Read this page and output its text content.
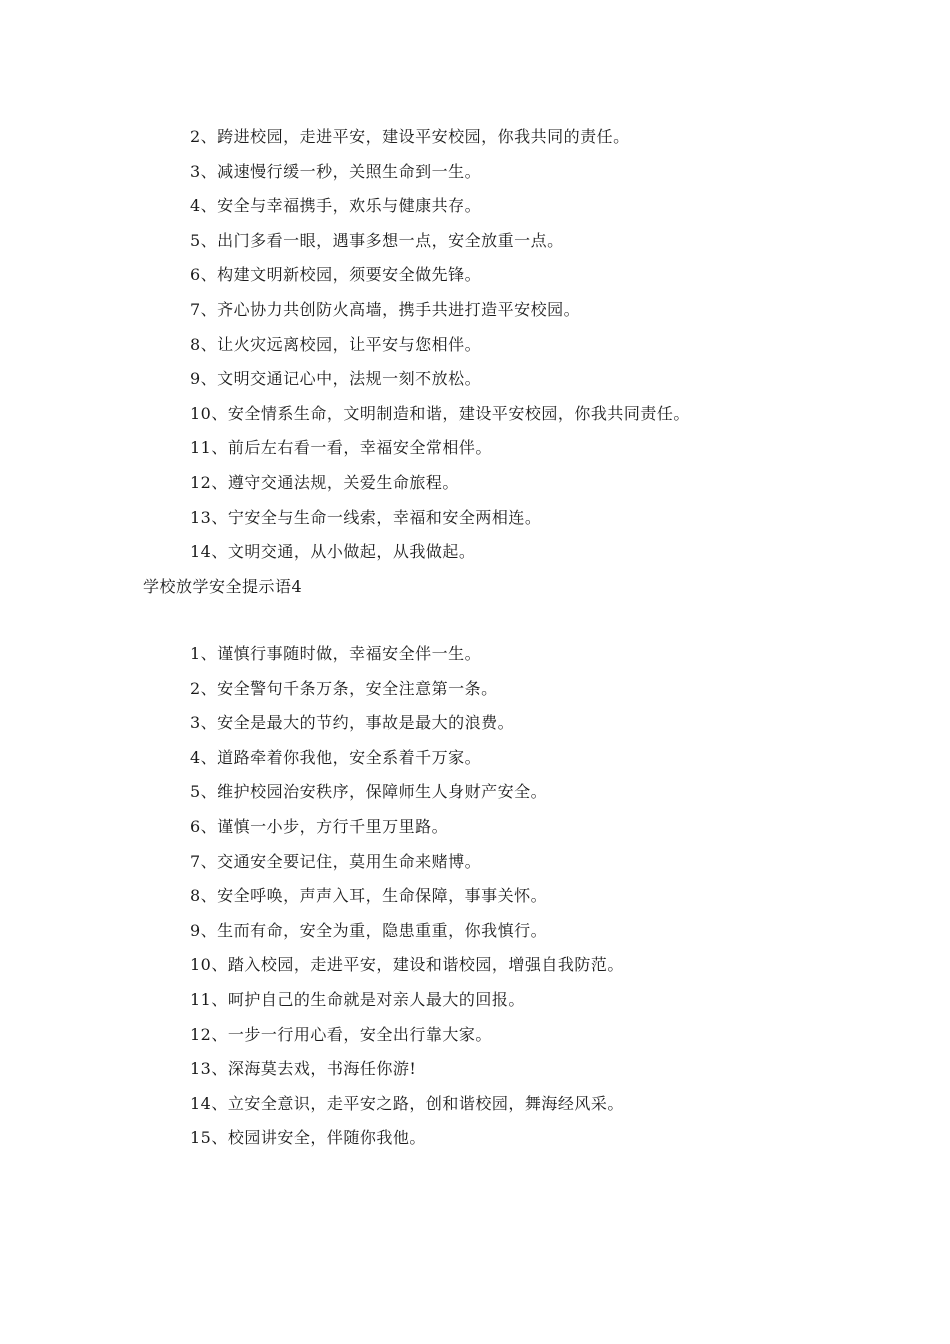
2、跨进校园，走进平安，建设平安校园，你我共同的责任。
3、减速慢行缓一秒，关照生命到一生。
4、安全与幸福携手，欢乐与健康共存。
5、出门多看一眼，遇事多想一点，安全放重一点。
6、构建文明新校园，须要安全做先锋。
7、齐心协力共创防火高墙，携手共进打造平安校园。
8、让火灾远离校园，让平安与您相伴。
9、文明交通记心中，法规一刻不放松。
10、安全情系生命，文明制造和谐，建设平安校园，你我共同责任。
11、前后左右看一看，幸福安全常相伴。
12、遵守交通法规，关爱生命旅程。
13、宁安全与生命一线索，幸福和安全两相连。
14、文明交通，从小做起，从我做起。
学校放学安全提示语4
1、谨慎行事随时做，幸福安全伴一生。
2、安全警句千条万条，安全注意第一条。
3、安全是最大的节约，事故是最大的浪费。
4、道路牵着你我他，安全系着千万家。
5、维护校园治安秩序，保障师生人身财产安全。
6、谨慎一小步，方行千里万里路。
7、交通安全要记住，莫用生命来赌博。
8、安全呼唤，声声入耳，生命保障，事事关怀。
9、生而有命，安全为重，隐患重重，你我慎行。
10、踏入校园，走进平安，建设和谐校园，增强自我防范。
11、呵护自己的生命就是对亲人最大的回报。
12、一步一行用心看，安全出行靠大家。
13、深海莫去戏，书海任你游!
14、立安全意识，走平安之路，创和谐校园，舞海经风采。
15、校园讲安全，伴随你我他。
